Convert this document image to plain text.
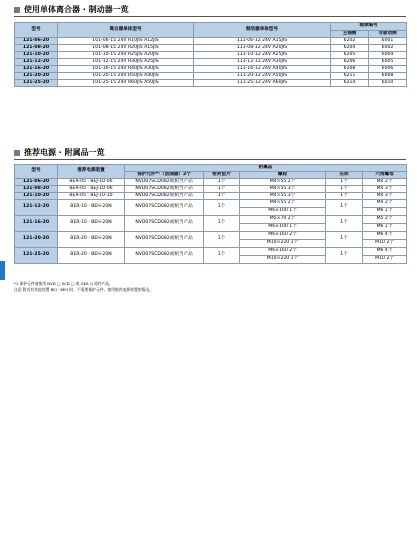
使用单体离合器 · 制动器一览
型号	离合器单体型号	制动器单体型号	轴承编号	
			主轴侧	非驱动侧
121-06-20	101-06-15 24V R10JIS A12JIS	111-06-12 24V A15JIS	6202	6001
121-08-20	101-08-15 24V R20JIS A15JIS	111-08-12 24V A20JIS	6204	6002
121-10-20	101-10-15 24V R25JIS A20JIS	111-10-12 24V A25JIS	6205	6004
121-12-20	101-12-15 24V R30JIS A25JIS	111-12-12 24V A30JIS	6206	6005
121-16-20	101-16-15 24V R40JIS A30JIS	111-16-12 24V A40JIS	6208	6006
121-20-20	101-20-15 24V R50JIS A40JIS	111-20-12 24V A50JIS	6211	6008
121-25-20	101-25-15 24V R60JIS A50JIS	111-25-12 24V A60JIS	6214	6010
推荐电源 · 附属品一览
型号	推荐电源装置	附属品				
		保护元件*¹（浪涌器）2个	密封垫片	螺栓	压块	六角螺母
121-06-20	BER-05 · BEJ-10-06	NVD07SCD082或相当产品	1个	M4×55 2个	1个	M4 2个
121-08-20	BER-05 · BEJ-10-06	NVD07SCD082或相当产品	1个	M4×55 3个	1个	M4 3个
121-10-20	BER-05 · BEJ-10-10	NVD07SCD082或相当产品	1个	M4×55 3个	1个	M4 3个
121-12-20	BER-10 · BEH-20N	NVD07SCD082或相当产品	1个	M4×55 2个	1个	M4 2个
				M6×100 1个		M6 1个
121-16-20	BER-10 · BEH-20N	NVD07SCD082或相当产品	1个	M5×70 2个	1个	M5 2个
				M6×100 1个		M6 1个
121-20-20	BER-20 · BEH-20N	NVD07SCD082或相当产品	1个	M6×160 2个	1个	M6 4个
				M10×220 1个		M10 2个
121-25-20	BER-20 · BEH-20N	NVD07SCD082或相当产品	1个	M6×160 2个	1个	M6 4个
				M10×220 1个		M10 2个
*1 保护元件请使用 NVD □ SCD □ 或 GEA 公司的产品。
注意 附近有其他装置 BEJ · BEH 时，不需要保护元件，使用推荐电源装置的情况。
